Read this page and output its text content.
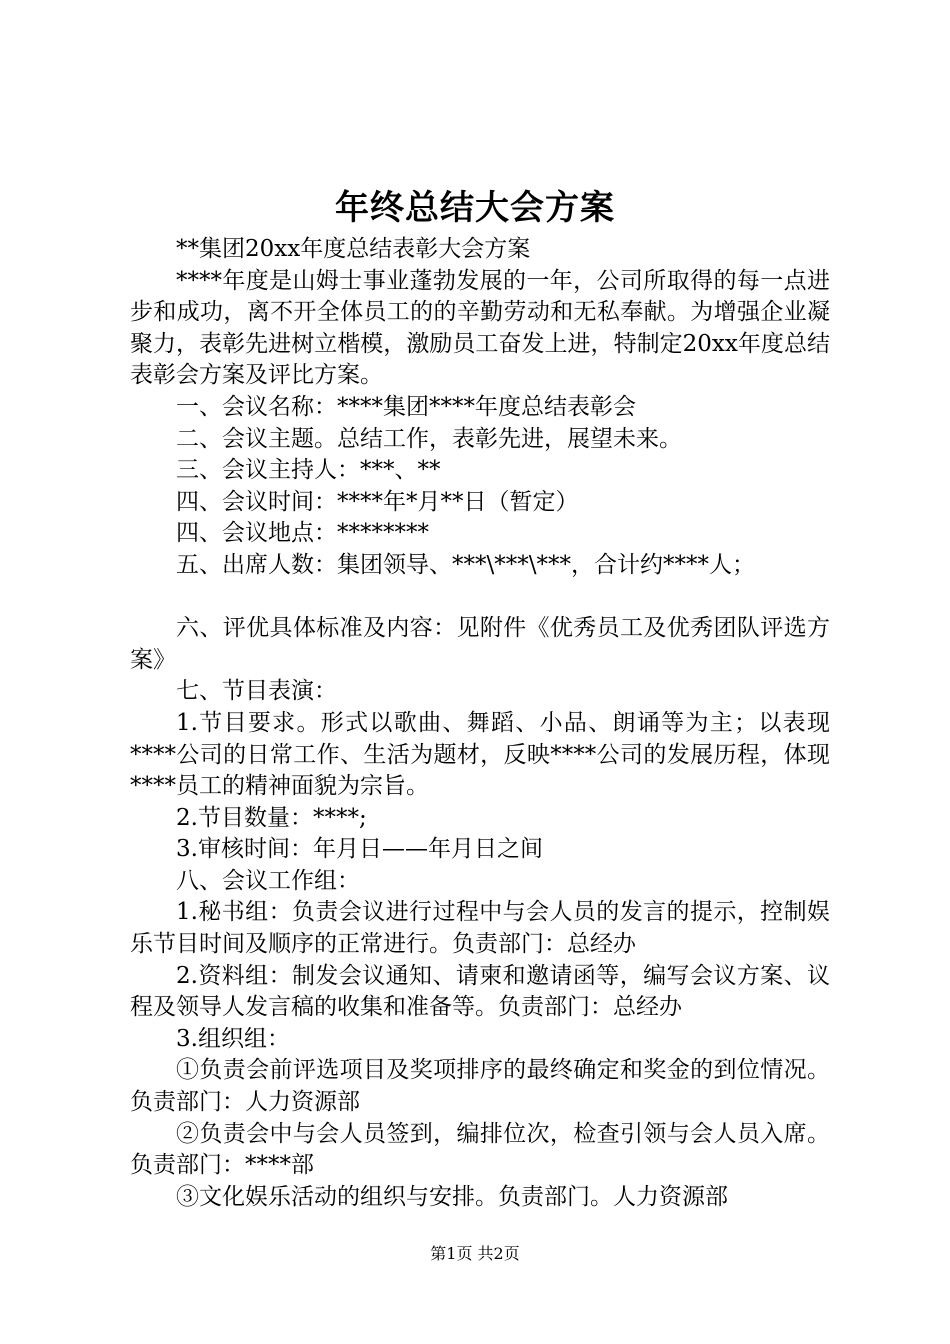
年终总结大会方案

**集团20xx年度总结表彰大会方案

****年度是山姆士事业蓬勃发展的一年，公司所取得的每一点进步和成功，离不开全体员工的的辛勤劳动和无私奉献。为增强企业凝聚力，表彰先进树立楷模，激励员工奋发上进，特制定20xx年度总结表彰会方案及评比方案。

一、会议名称：****集团****年度总结表彰会

二、会议主题。总结工作，表彰先进，展望未来。

三、会议主持人：***、**

四、会议时间：****年*月**日（暂定）

四、会议地点：********

五、出席人数：集团领导、***\***\***，合计约****人；

六、评优具体标准及内容：见附件《优秀员工及优秀团队评选方案》

七、节目表演：

1.节目要求。形式以歌曲、舞蹈、小品、朗诵等为主；以表现****公司的日常工作、生活为题材，反映****公司的发展历程，体现****员工的精神面貌为宗旨。

2.节目数量：****;

3.审核时间：年月日——年月日之间

八、会议工作组：

1.秘书组：负责会议进行过程中与会人员的发言的提示，控制娱乐节目时间及顺序的正常进行。负责部门：总经办

2.资料组：制发会议通知、请柬和邀请函等，编写会议方案、议程及领导人发言稿的收集和准备等。负责部门：总经办

3.组织组：

①负责会前评选项目及奖项排序的最终确定和奖金的到位情况。负责部门：人力资源部

②负责会中与会人员签到，编排位次，检查引领与会人员入席。负责部门：****部

③文化娱乐活动的组织与安排。负责部门。人力资源部

第1页 共2页
